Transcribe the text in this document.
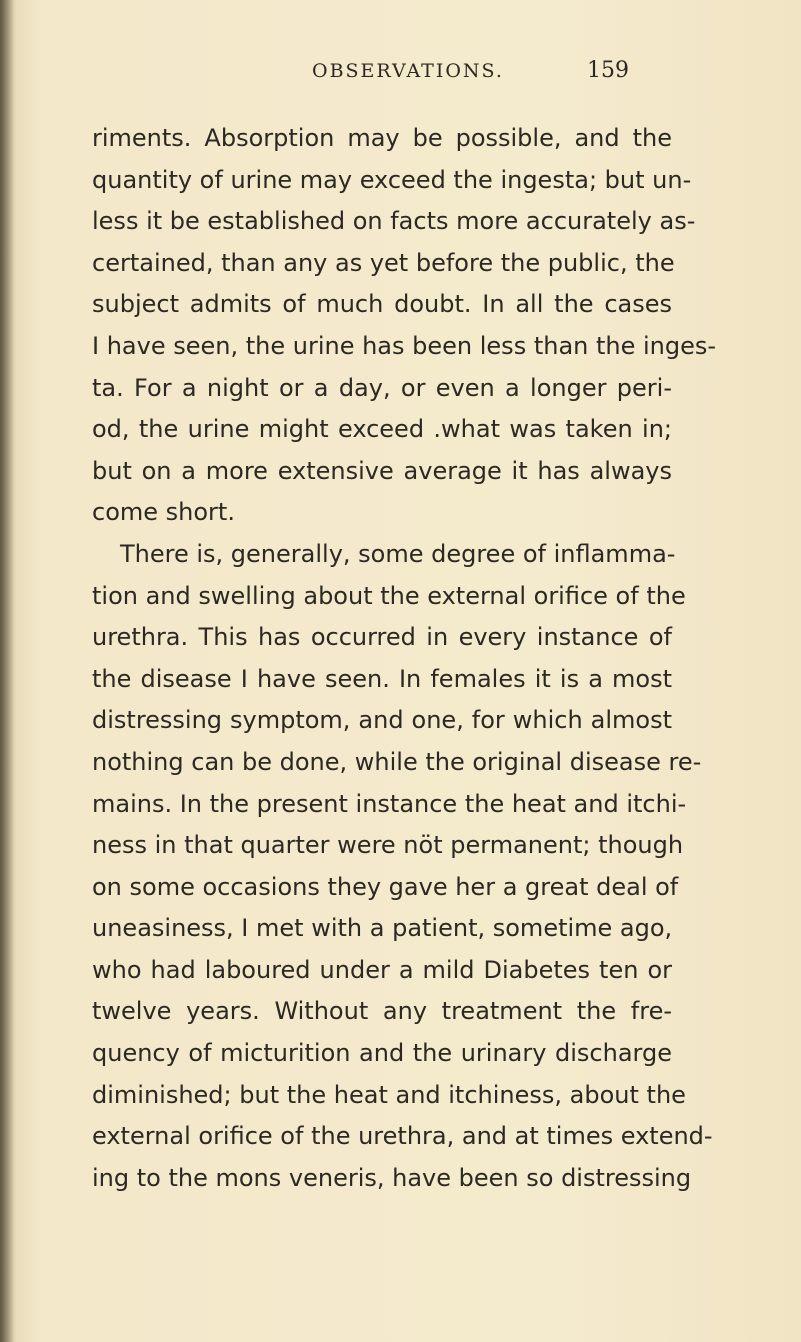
OBSERVATIONS.	159
riments. Absorption may be possible, and the
quantity of urine may exceed the ingesta; but un-
less it be established on facts more accurately as-
certained, than any as yet before the public, the
subject admits of much doubt. In all the cases
I have seen, the urine has been less than the inges-
ta. For a night or a day, or even a longer peri-
od, the urine might exceed .what was taken in;
but on a more extensive average it has always
come short.
There is, generally, some degree of inflamma-
tion and swelling about the external orifice of the
urethra. This has occurred in every instance of
the disease I have seen. In females it is a most
distressing symptom, and one, for which almost
nothing can be done, while the original disease re-
mains. In the present instance the heat and itchi-
ness in that quarter were nöt permanent; though
on some occasions they gave her a great deal of
uneasiness, I met with a patient, sometime ago,
who had laboured under a mild Diabetes ten or
twelve years. Without any treatment the fre-
quency of micturition and the urinary discharge
diminished; but the heat and itchiness, about the
external orifice of the urethra, and at times extend-
ing to the mons veneris, have been so distressing
